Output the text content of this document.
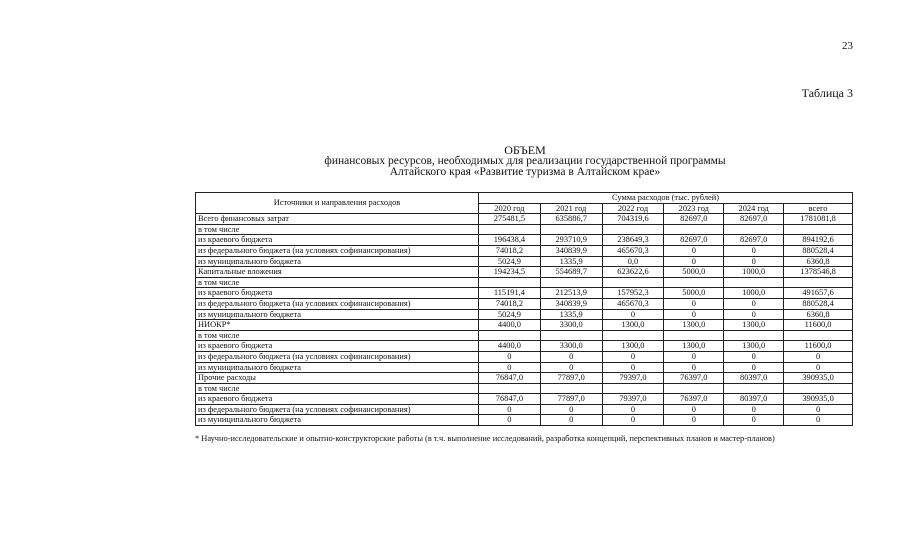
23
Таблица 3
ОБЪЕМ
финансовых ресурсов, необходимых для реализации государственной программы
Алтайского края «Развитие туризма в Алтайском крае»
Источники и направления расходов	Сумма расходов (тыс. рублей)					
	2020 год	2021 год	2022 год	2023 год	2024 год	всего
Всего финансовых затрат	275481,5	635886,7	704319,6	82697,0	82697,0	1781081,8
в том числе						
из краевого бюджета	196438,4	293710,9	238649,3	82697,0	82697,0	894192,6
из федерального бюджета (на условиях софинансирования)	74018,2	340839,9	465670,3	0	0	880528,4
из муниципального бюджета	5024,9	1335,9	0,0	0	0	6360,8
Капитальные вложения	194234,5	554689,7	623622,6	5000,0	1000,0	1378546,8
в том числе						
из краевого бюджета	115191,4	212513,9	157952,3	5000,0	1000,0	491657,6
из федерального бюджета (на условиях софинансирования)	74018,2	340839,9	465670,3	0	0	880528,4
из муниципального бюджета	5024,9	1335,9	0	0	0	6360,8
НИОКР*	4400,0	3300,0	1300,0	1300,0	1300,0	11600,0
в том числе						
из краевого бюджета	4400,0	3300,0	1300,0	1300,0	1300,0	11600,0
из федерального бюджета (на условиях софинансирования)	0	0	0	0	0	0
из муниципального бюджета	0	0	0	0	0	0
Прочие расходы	76847,0	77897,0	79397,0	76397,0	80397,0	390935,0
в том числе						
из краевого бюджета	76847,0	77897,0	79397,0	76397,0	80397,0	390935,0
из федерального бюджета (на условиях софинансирования)	0	0	0	0	0	0
из муниципального бюджета	0	0	0	0	0	0
* Научно-исследовательские и опытно-конструкторские работы (в т.ч. выполнение исследований, разработка концепций, перспективных планов и мастер-планов)
